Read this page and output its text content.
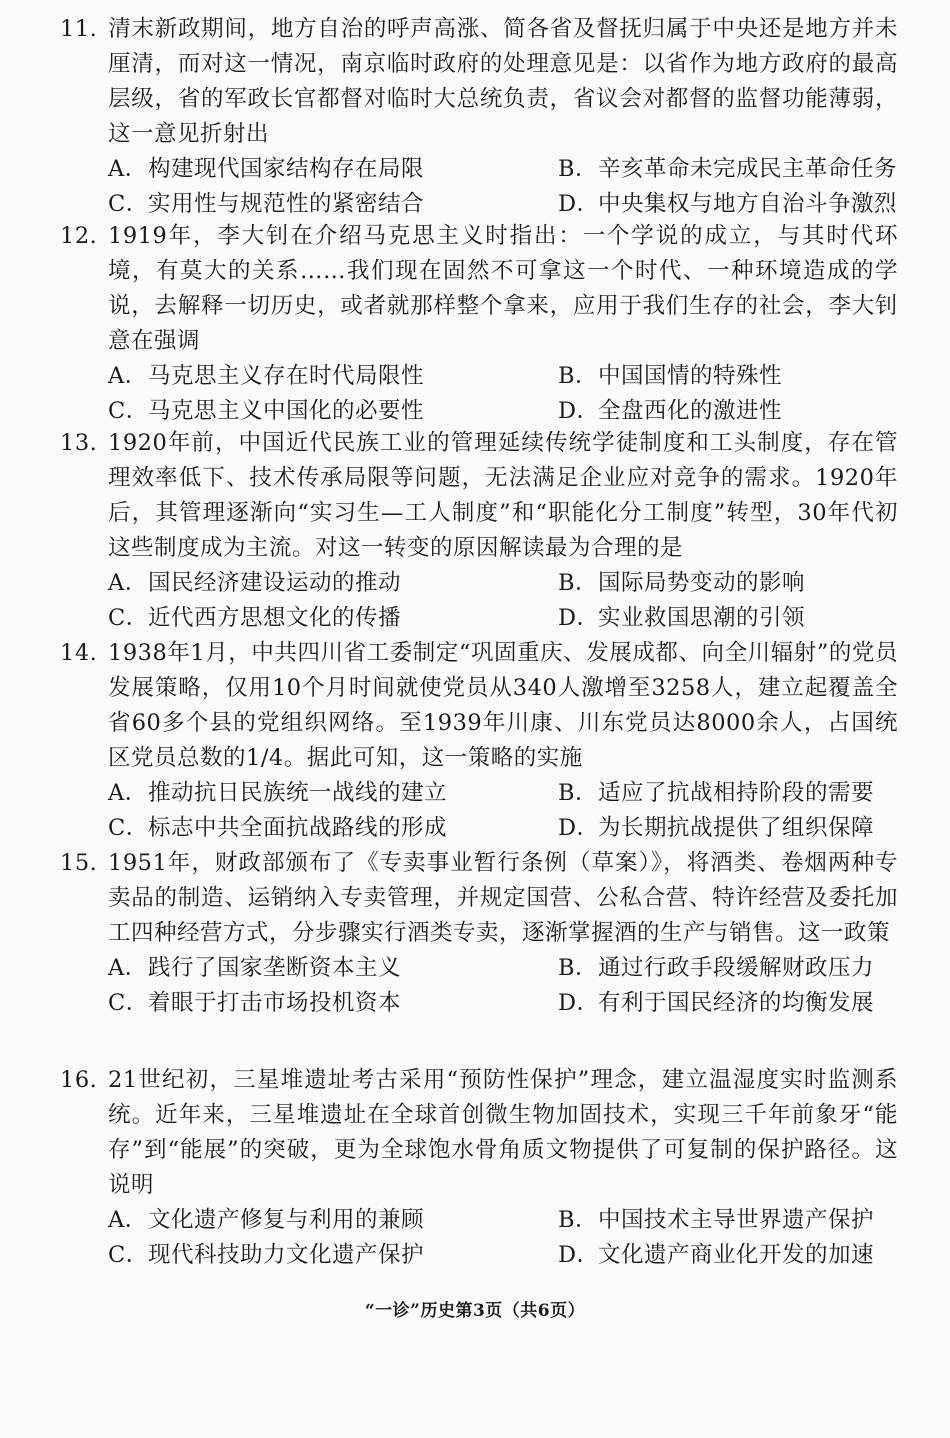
11. 清末新政期间，地方自治的呼声高涨、简各省及督抚归属于中央还是地方并未厘清，而对这一情况，南京临时政府的处理意见是：以省作为地方政府的最高层级，省的军政长官都督对临时大总统负责，省议会对都督的监督功能薄弱，这一意见折射出
A．构建现代国家结构存在局限	B．辛亥革命未完成民主革命任务
C．实用性与规范性的紧密结合	D．中央集权与地方自治斗争激烈
12. 1919年，李大钊在介绍马克思主义时指出：一个学说的成立，与其时代环境，有莫大的关系……我们现在固然不可拿这一个时代、一种环境造成的学说，去解释一切历史，或者就那样整个拿来，应用于我们生存的社会，李大钊意在强调
A．马克思主义存在时代局限性	B．中国国情的特殊性
C．马克思主义中国化的必要性	D．全盘西化的激进性
13. 1920年前，中国近代民族工业的管理延续传统学徒制度和工头制度，存在管理效率低下、技术传承局限等问题，无法满足企业应对竞争的需求。1920年后，其管理逐渐向“实习生—工人制度”和“职能化分工制度”转型，30年代初这些制度成为主流。对这一转变的原因解读最为合理的是
A．国民经济建设运动的推动	B．国际局势变动的影响
C．近代西方思想文化的传播	D．实业救国思潮的引领
14. 1938年1月，中共四川省工委制定“巩固重庆、发展成都、向全川辐射”的党员发展策略，仅用10个月时间就使党员从340人激增至3258人，建立起覆盖全省60多个县的党组织网络。至1939年川康、川东党员达8000余人，占国统区党员总数的1/4。据此可知，这一策略的实施
A．推动抗日民族统一战线的建立	B．适应了抗战相持阶段的需要
C．标志中共全面抗战路线的形成	D．为长期抗战提供了组织保障
15. 1951年，财政部颁布了《专卖事业暂行条例（草案）》，将酒类、卷烟两种专卖品的制造、运销纳入专卖管理，并规定国营、公私合营、特许经营及委托加工四种经营方式，分步骤实行酒类专卖，逐渐掌握酒的生产与销售。这一政策
A．践行了国家垄断资本主义	B．通过行政手段缓解财政压力
C．着眼于打击市场投机资本	D．有利于国民经济的均衡发展
16. 21世纪初，三星堆遗址考古采用“预防性保护”理念，建立温湿度实时监测系统。近年来，三星堆遗址在全球首创微生物加固技术，实现三千年前象牙“能存”到“能展”的突破，更为全球饱水骨角质文物提供了可复制的保护路径。这说明
A．文化遗产修复与利用的兼顾	B．中国技术主导世界遗产保护
C．现代科技助力文化遗产保护	D．文化遗产商业化开发的加速
“一诊”历史第3页（共6页）
